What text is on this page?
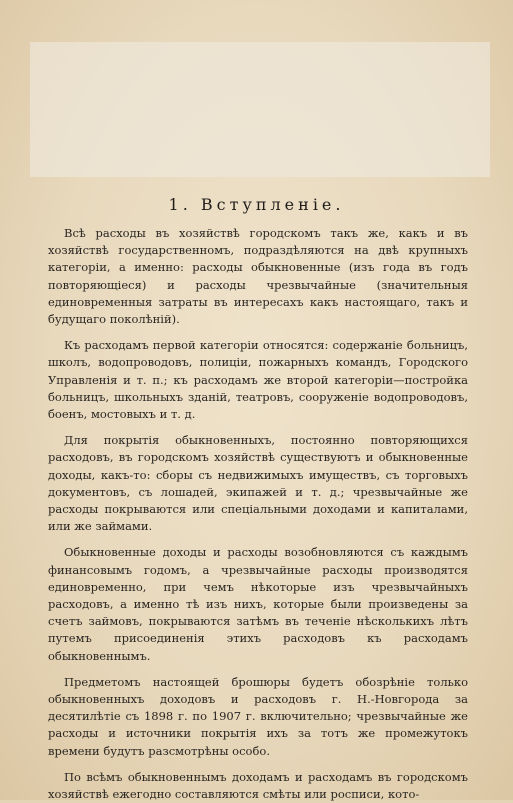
1. Вступленіе.

Всѣ расходы въ хозяйствѣ городскомъ такъ же, какъ и въ хозяйствѣ государственномъ, подраздѣляются на двѣ крупныхъ категоріи, а именно: расходы обыкновенные (изъ года въ годъ повторяющіеся) и расходы чрезвычайные (значительныя единовременныя затраты въ интересахъ какъ настоящаго, такъ и будущаго поколѣній).

Къ расходамъ первой категоріи относятся: содержаніе больницъ, школъ, водопроводовъ, полиціи, пожарныхъ командъ, Городского Управленія и т. п.; къ расходамъ же второй категоріи—постройка больницъ, школьныхъ зданій, театровъ, сооруженіе водопроводовъ, боенъ, мостовыхъ и т. д.

Для покрытія обыкновенныхъ, постоянно повторяющихся расходовъ, въ городскомъ хозяйствѣ существуютъ и обыкновенные доходы, какъ-то: сборы съ недвижимыхъ имуществъ, съ торговыхъ документовъ, съ лошадей, экипажей и т. д.; чрезвычайные же расходы покрываются или спеціальными доходами и капиталами, или же займами.

Обыкновенные доходы и расходы возобновляются съ каждымъ финансовымъ годомъ, а чрезвычайные расходы производятся единовременно, при чемъ нѣкоторые изъ чрезвычайныхъ расходовъ, а именно тѣ изъ нихъ, которые были произведены за счетъ займовъ, покрываются затѣмъ въ теченіе нѣсколькихъ лѣтъ путемъ присоединенія этихъ расходовъ къ расходамъ обыкновеннымъ.

Предметомъ настоящей брошюры будетъ обозрѣніе только обыкновенныхъ доходовъ и расходовъ г. Н.-Новгорода за десятилѣтіе съ 1898 г. по 1907 г. включительно; чрезвычайные же расходы и источники покрытія ихъ за тотъ же промежутокъ времени будутъ разсмотрѣны особо.

По всѣмъ обыкновеннымъ доходамъ и расходамъ въ городскомъ хозяйствѣ ежегодно составляются смѣты или росписи, кото-
